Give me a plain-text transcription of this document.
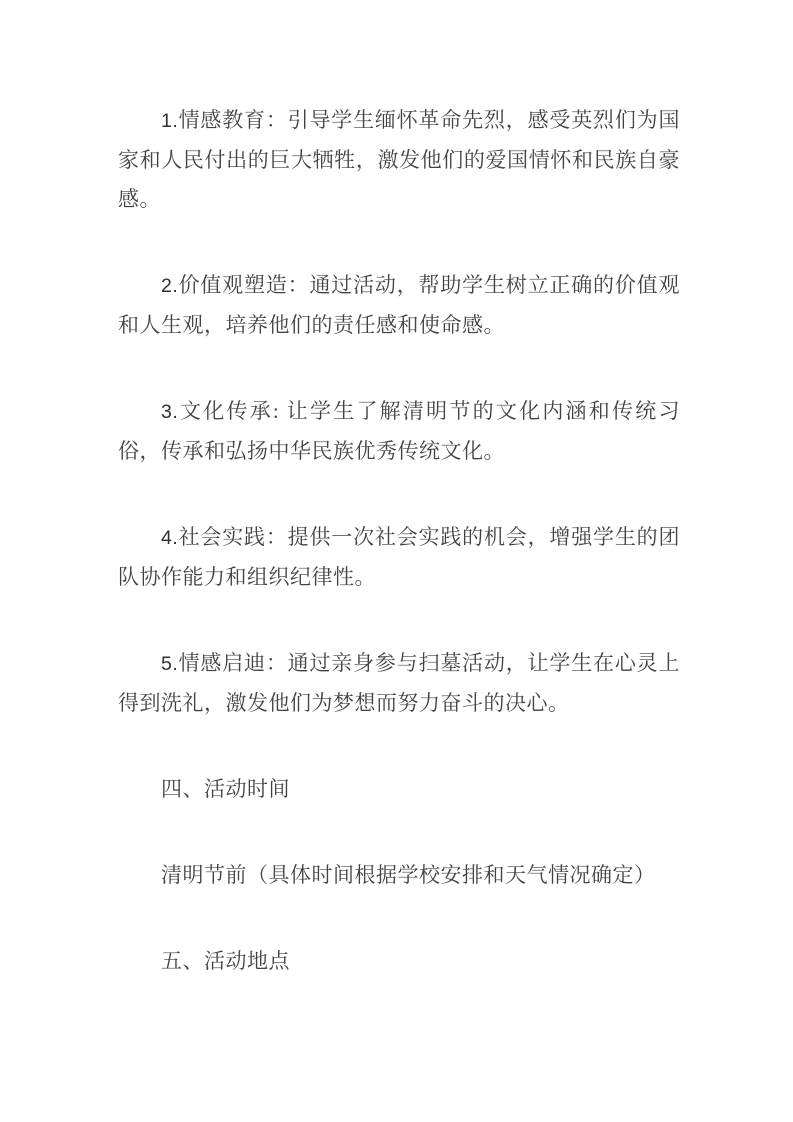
1.情感教育：引导学生缅怀革命先烈，感受英烈们为国家和人民付出的巨大牺牲，激发他们的爱国情怀和民族自豪感。

2.价值观塑造：通过活动，帮助学生树立正确的价值观和人生观，培养他们的责任感和使命感。

3.文化传承: 让学生了解清明节的文化内涵和传统习俗，传承和弘扬中华民族优秀传统文化。

4.社会实践：提供一次社会实践的机会，增强学生的团队协作能力和组织纪律性。

5.情感启迪：通过亲身参与扫墓活动，让学生在心灵上得到洗礼，激发他们为梦想而努力奋斗的决心。

四、活动时间

清明节前（具体时间根据学校安排和天气情况确定）

五、活动地点
